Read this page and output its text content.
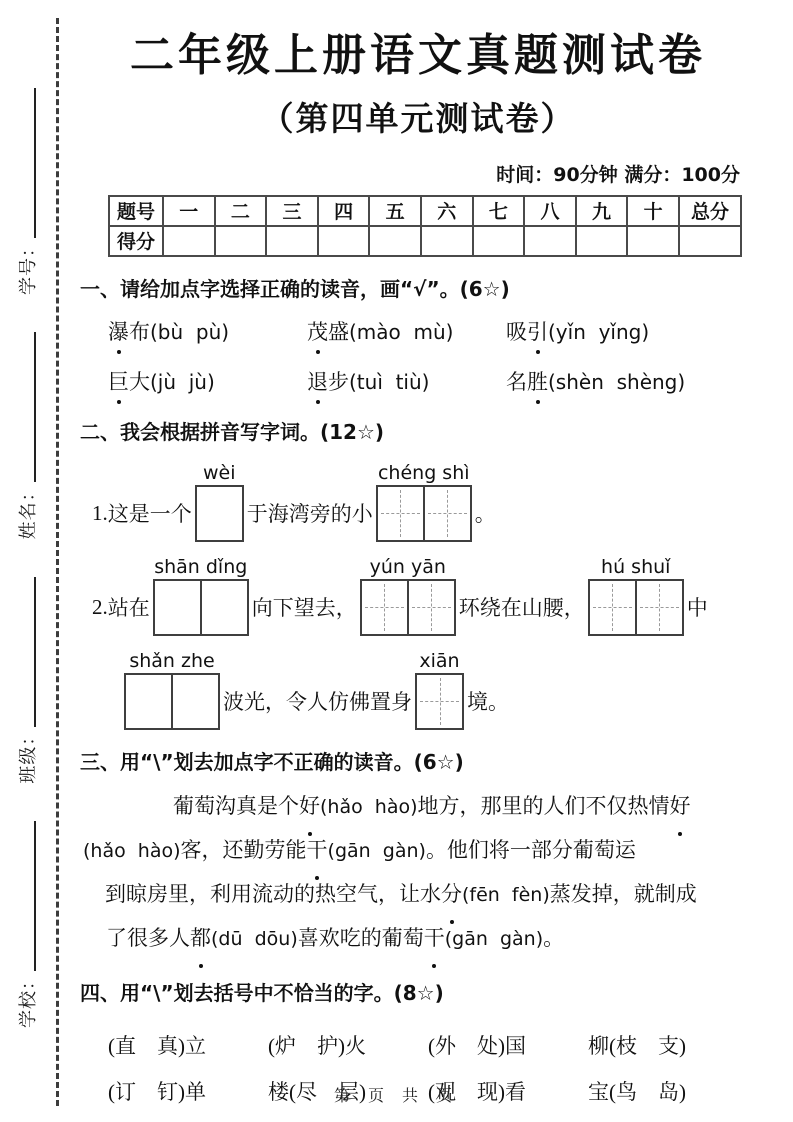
学校：
班级：
姓名：
学号：
二年级上册语文真题测试卷
（第四单元测试卷）
时间：90分钟 满分：100分
题号	一	二	三	四	五	六	七	八	九	十	总分
得分											
一、请给加点字选择正确的读音，画“√”。(6☆)
瀑布(bù  pù)	茂盛(mào  mù)	吸引(yǐn  yǐng)
巨大(jù  jù)	退步(tuì  tiù)	名胜(shèn  shèng)
二、我会根据拼音写字词。(12☆)
1. 这是一个
wèi
于海湾旁的小
chéng shì
。
2. 站在
shān dǐng
向下望去，
yún yān
环绕在山腰，
hú shuǐ
中
shǎn zhe
波光，令人仿佛置身
xiān
境。
三、用“\”划去加点字不正确的读音。(6☆)
葡萄沟真是个好(hǎo  hào)地方，那里的人们不仅热情好
(hǎo  hào)客，还勤劳能干(gān  gàn)。他们将一部分葡萄运
到晾房里，利用流动的热空气，让水分(fēn  fèn)蒸发掉，就制成
了很多人都(dū  dōu)喜欢吃的葡萄干(gān  gàn)。
四、用“\”划去括号中不恰当的字。(8☆)
(直　真)立	(炉　护)火	(外　处)国	柳(枝　支)
(订　钉)单	楼(尽　层)	(观　现)看	宝(鸟　岛)
第 页 共 页
